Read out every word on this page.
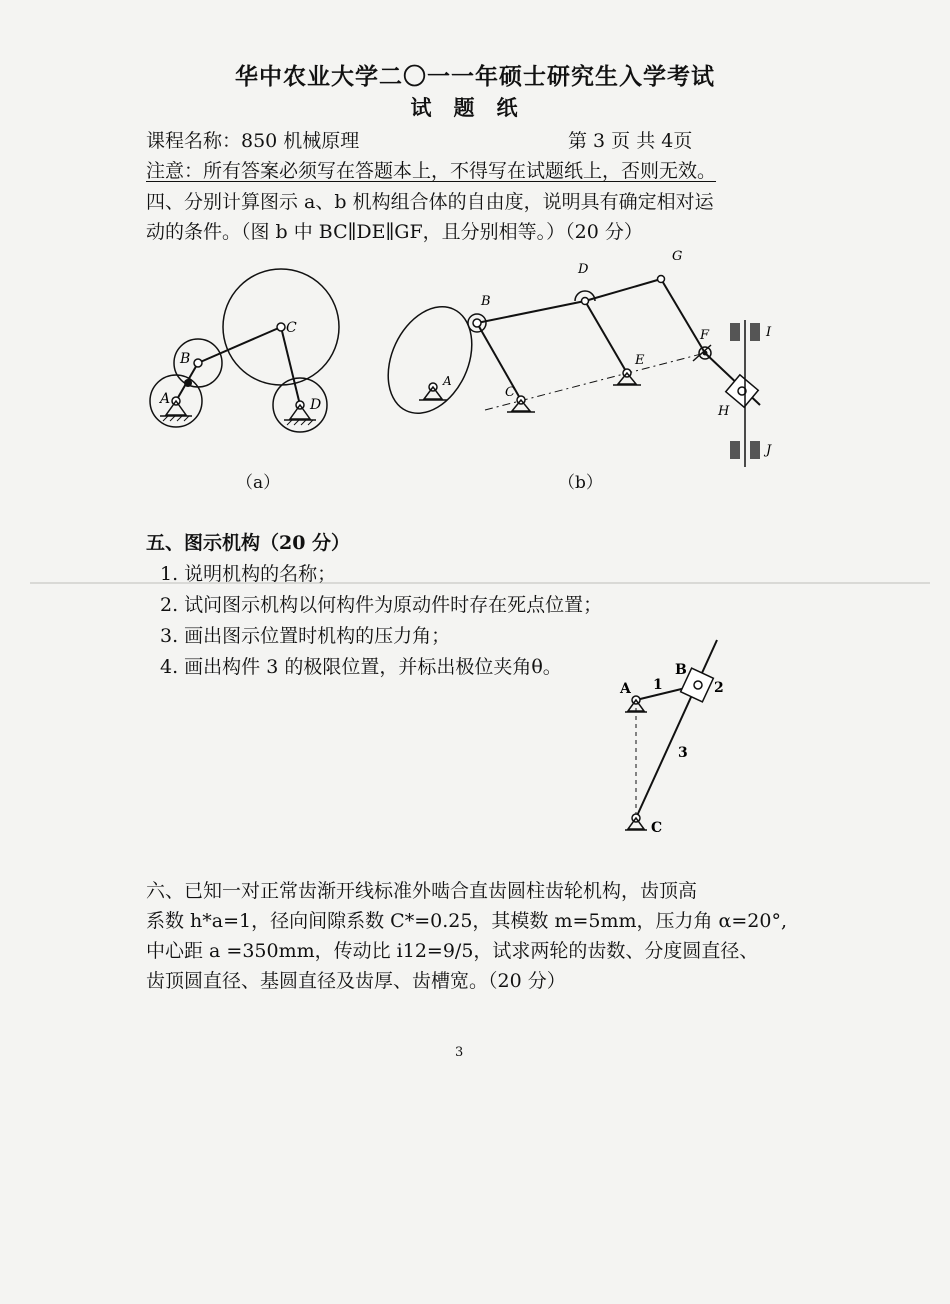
华中农业大学二〇一一年硕士研究生入学考试
试题纸
课程名称：850 机械原理	第 3 页 共 4页
注意：所有答案必须写在答题本上，不得写在试题纸上，否则无效。
四、分别计算图示 a、b 机构组合体的自由度，说明具有确定相对运
动的条件。（图 b 中 BC∥DE∥GF，且分别相等。）（20 分）
B
C
A	D
A
B
C
D
E
G
F
H
I
J
（a）	（b）
五、图示机构（20 分）
1. 说明机构的名称；
2. 试问图示机构以何构件为原动件时存在死点位置；
3. 画出图示位置时机构的压力角；
4. 画出构件 3 的极限位置，并标出极位夹角θ。
A
B
1	2
3
C
六、已知一对正常齿渐开线标准外啮合直齿圆柱齿轮机构，齿顶高
系数 h*a=1，径向间隙系数 C*=0.25，其模数 m=5mm，压力角 α=20°,
中心距 a =350mm，传动比 i12=9/5，试求两轮的齿数、分度圆直径、
齿顶圆直径、基圆直径及齿厚、齿槽宽。（20 分）
3
